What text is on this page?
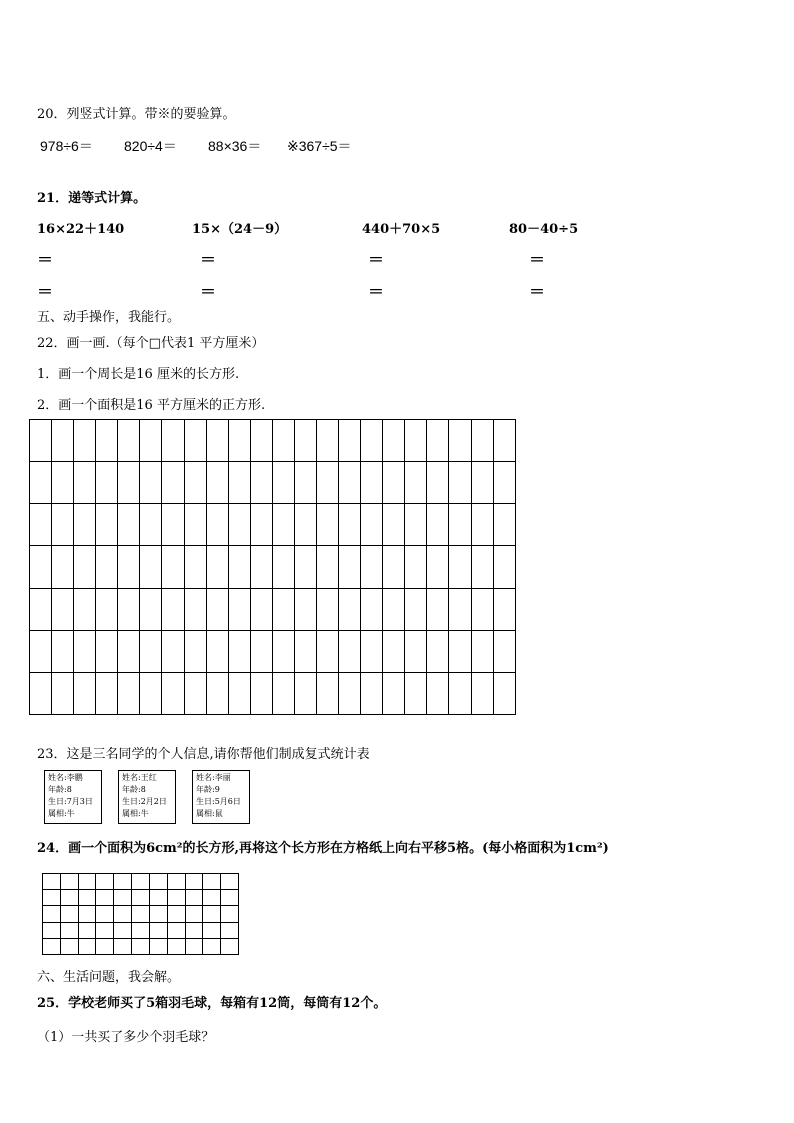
20．列竖式计算。带※的要验算。
978÷6＝ 820÷4＝ 88×36＝ ※367÷5＝
21．递等式计算。
16×22＋140	15×（24－9）	440＋70×5	80－40÷5
＝	＝	＝	＝
＝	＝	＝	＝
五、动手操作，我能行。
22．画一画.（每个□代表1 平方厘米）
1．画一个周长是16 厘米的长方形.
2．画一个面积是16 平方厘米的正方形.

23．这是三名同学的个人信息,请你帮他们制成复式统计表
姓名:李鹏
年龄:8
生日:7月3日
属相:牛
姓名:王红
年龄:8
生日:2月2日
属相:牛
姓名:李丽
年龄:9
生日:5月6日
属相:鼠
24．画一个面积为6cm²的长方形,再将这个长方形在方格纸上向右平移5格。(每小格面积为1cm²)

六、生活问题，我会解。
25．学校老师买了5箱羽毛球，每箱有12筒，每筒有12个。
（1）一共买了多少个羽毛球？
